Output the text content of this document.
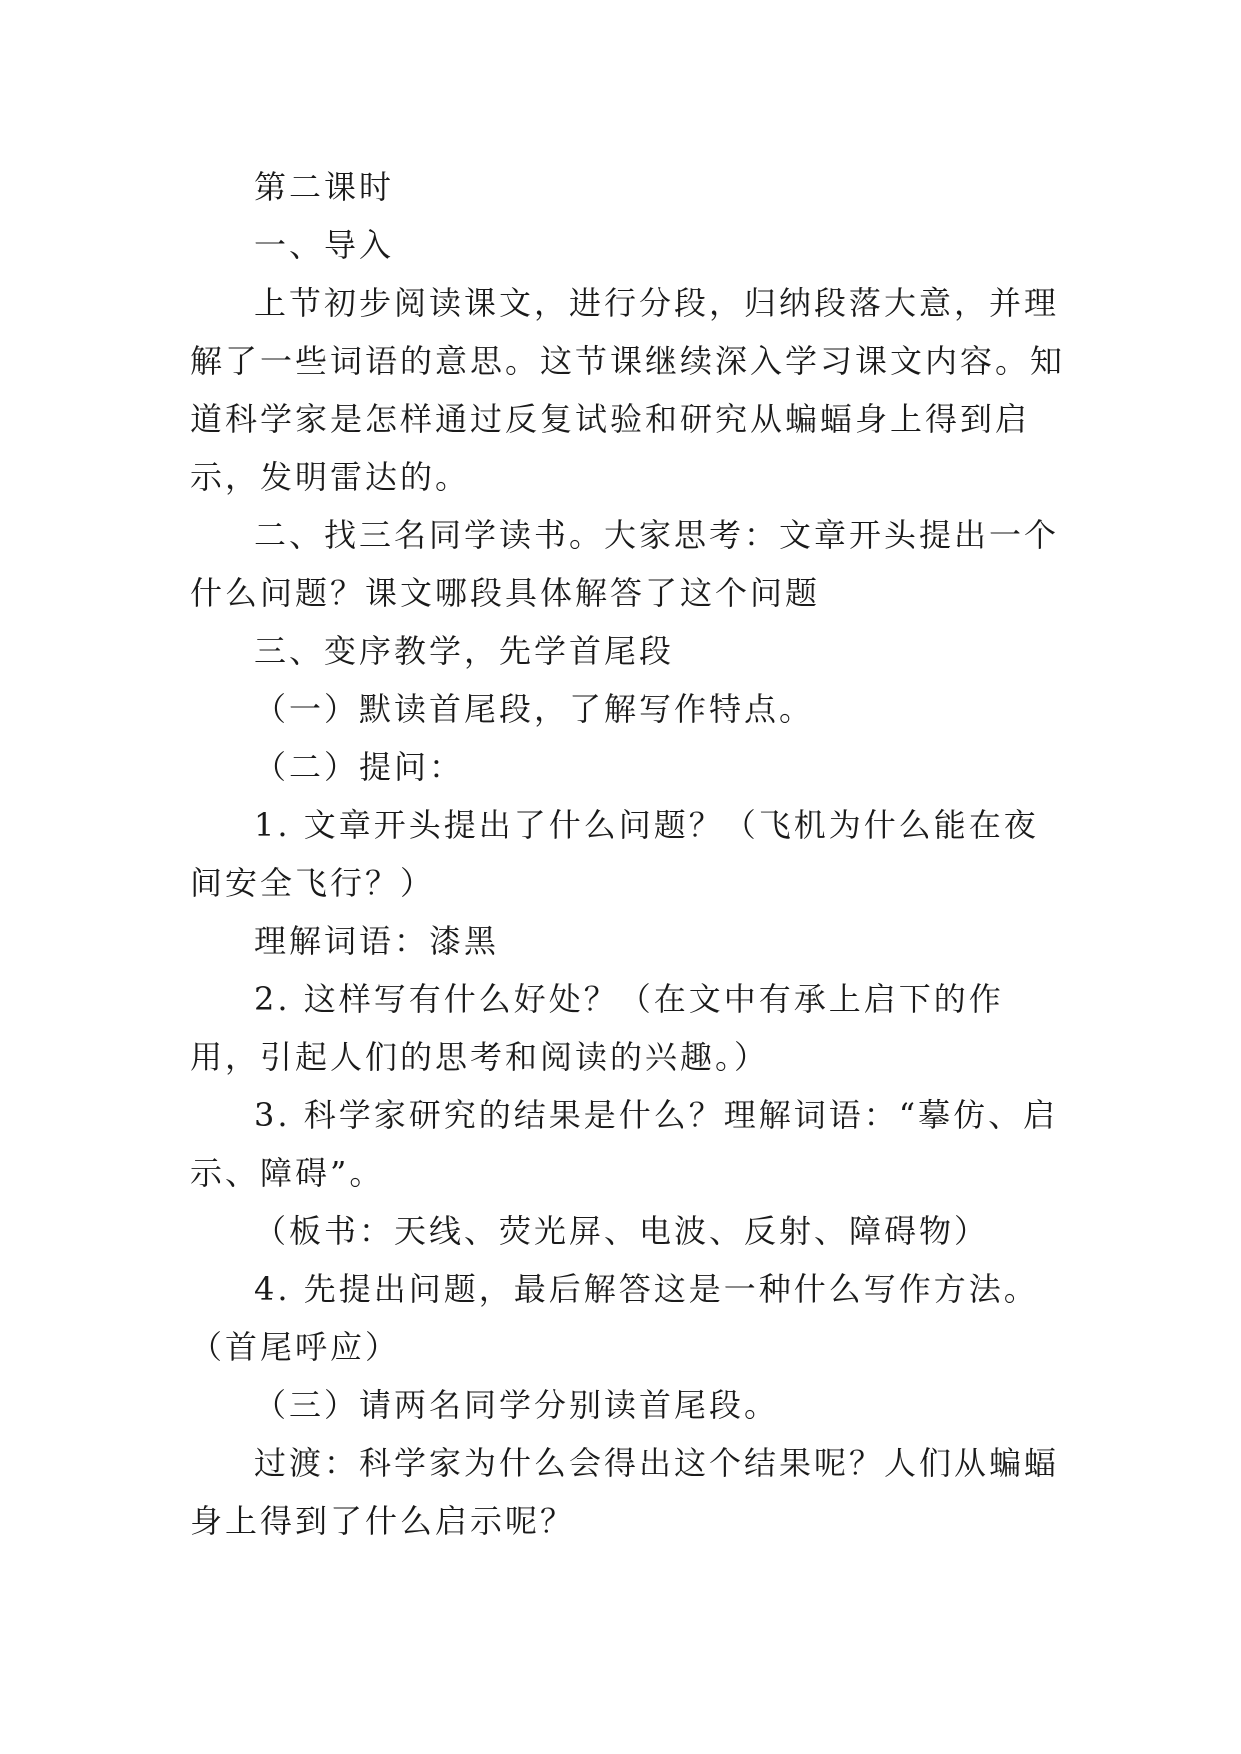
第二课时

一、导入

上节初步阅读课文，进行分段，归纳段落大意，并理解了一些词语的意思。这节课继续深入学习课文内容。知道科学家是怎样通过反复试验和研究从蝙蝠身上得到启示，发明雷达的。

二、找三名同学读书。大家思考：文章开头提出一个什么问题？课文哪段具体解答了这个问题

三、变序教学，先学首尾段

（一）默读首尾段，了解写作特点。

（二）提问：

1. 文章开头提出了什么问题？（飞机为什么能在夜间安全飞行？）

理解词语：漆黑

2. 这样写有什么好处？（在文中有承上启下的作用，引起人们的思考和阅读的兴趣。）

3. 科学家研究的结果是什么？理解词语：“摹仿、启示、障碍”。

（板书：天线、荧光屏、电波、反射、障碍物）

4. 先提出问题，最后解答这是一种什么写作方法。（首尾呼应）

（三）请两名同学分别读首尾段。

过渡：科学家为什么会得出这个结果呢？人们从蝙蝠身上得到了什么启示呢？
